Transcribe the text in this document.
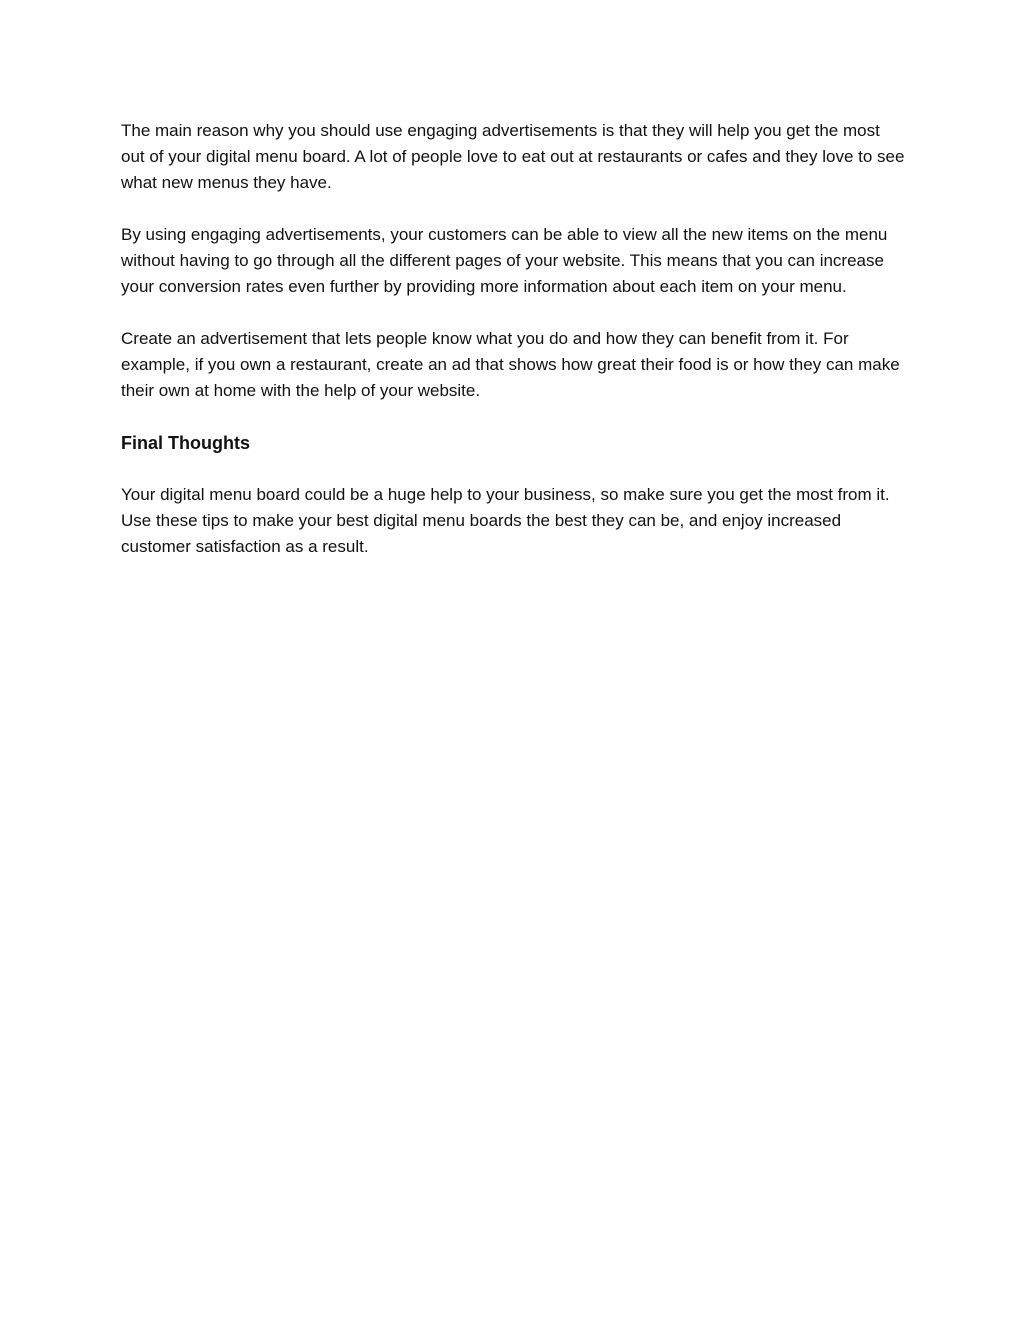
The main reason why you should use engaging advertisements is that they will help you get the most out of your digital menu board. A lot of people love to eat out at restaurants or cafes and they love to see what new menus they have.

By using engaging advertisements, your customers can be able to view all the new items on the menu without having to go through all the different pages of your website. This means that you can increase your conversion rates even further by providing more information about each item on your menu.

Create an advertisement that lets people know what you do and how they can benefit from it. For example, if you own a restaurant, create an ad that shows how great their food is or how they can make their own at home with the help of your website.

Final Thoughts

Your digital menu board could be a huge help to your business, so make sure you get the most from it. Use these tips to make your best digital menu boards the best they can be, and enjoy increased customer satisfaction as a result.
